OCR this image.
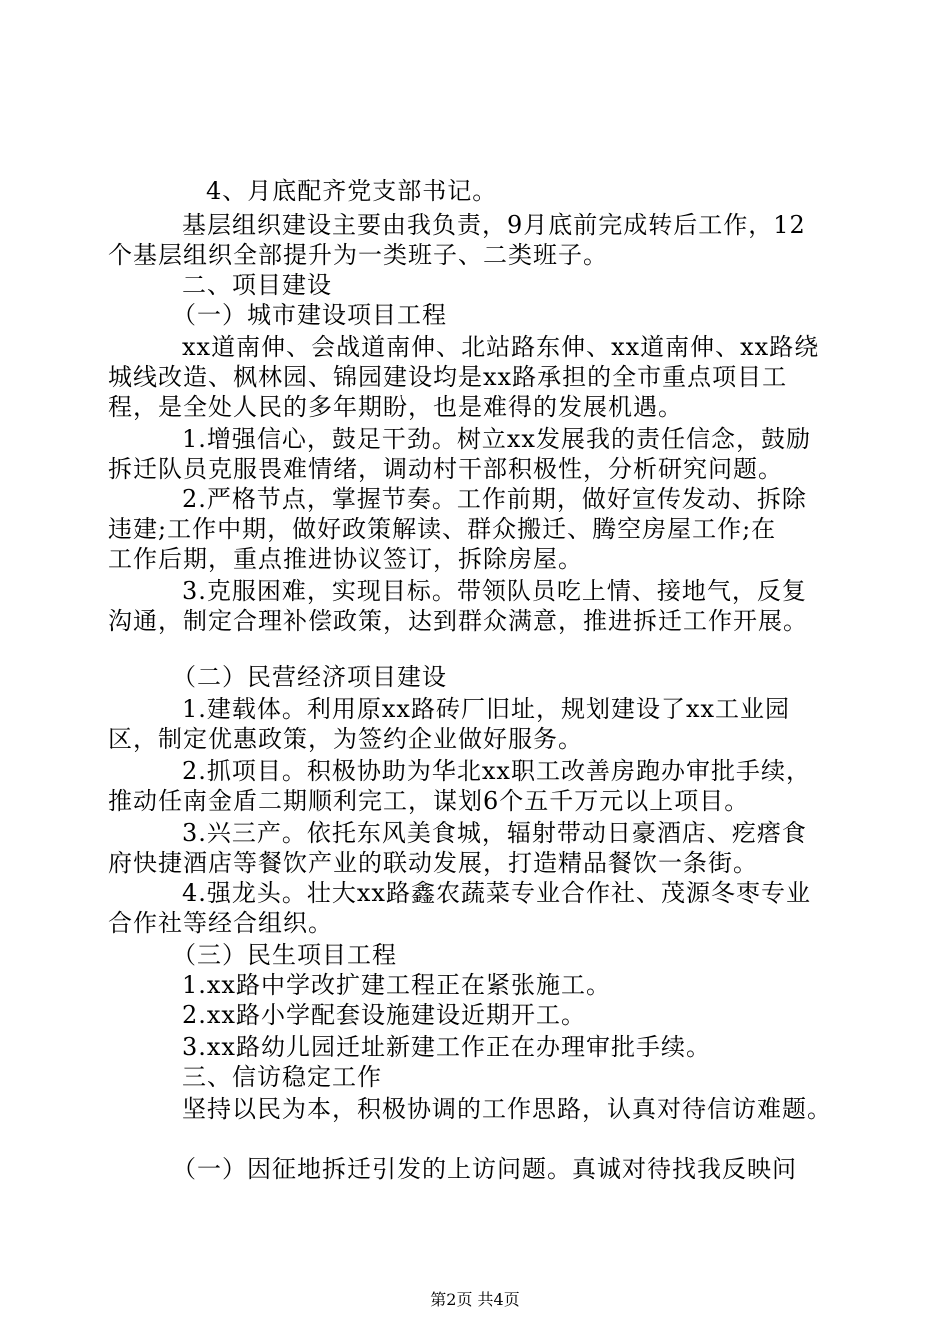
4、月底配齐党支部书记。
基层组织建设主要由我负责，9月底前完成转后工作，12
个基层组织全部提升为一类班子、二类班子。
二、项目建设
（一）城市建设项目工程
xx道南伸、会战道南伸、北站路东伸、xx道南伸、xx路绕
城线改造、枫林园、锦园建设均是xx路承担的全市重点项目工
程，是全处人民的多年期盼，也是难得的发展机遇。
1.增强信心，鼓足干劲。树立xx发展我的责任信念，鼓励
拆迁队员克服畏难情绪，调动村干部积极性，分析研究问题。
2.严格节点，掌握节奏。工作前期，做好宣传发动、拆除
违建;工作中期，做好政策解读、群众搬迁、腾空房屋工作;在
工作后期，重点推进协议签订，拆除房屋。
3.克服困难，实现目标。带领队员吃上情、接地气，反复
沟通，制定合理补偿政策，达到群众满意，推进拆迁工作开展。
（二）民营经济项目建设
1.建载体。利用原xx路砖厂旧址，规划建设了xx工业园
区，制定优惠政策，为签约企业做好服务。
2.抓项目。积极协助为华北xx职工改善房跑办审批手续，
推动任南金盾二期顺利完工，谋划6个五千万元以上项目。
3.兴三产。依托东风美食城，辐射带动日豪酒店、疙瘩食
府快捷酒店等餐饮产业的联动发展，打造精品餐饮一条街。
4.强龙头。壮大xx路鑫农蔬菜专业合作社、茂源冬枣专业
合作社等经合组织。
（三）民生项目工程
1.xx路中学改扩建工程正在紧张施工。
2.xx路小学配套设施建设近期开工。
3.xx路幼儿园迁址新建工作正在办理审批手续。
三、信访稳定工作
坚持以民为本，积极协调的工作思路，认真对待信访难题。
（一）因征地拆迁引发的上访问题。真诚对待找我反映问
第2页 共4页
